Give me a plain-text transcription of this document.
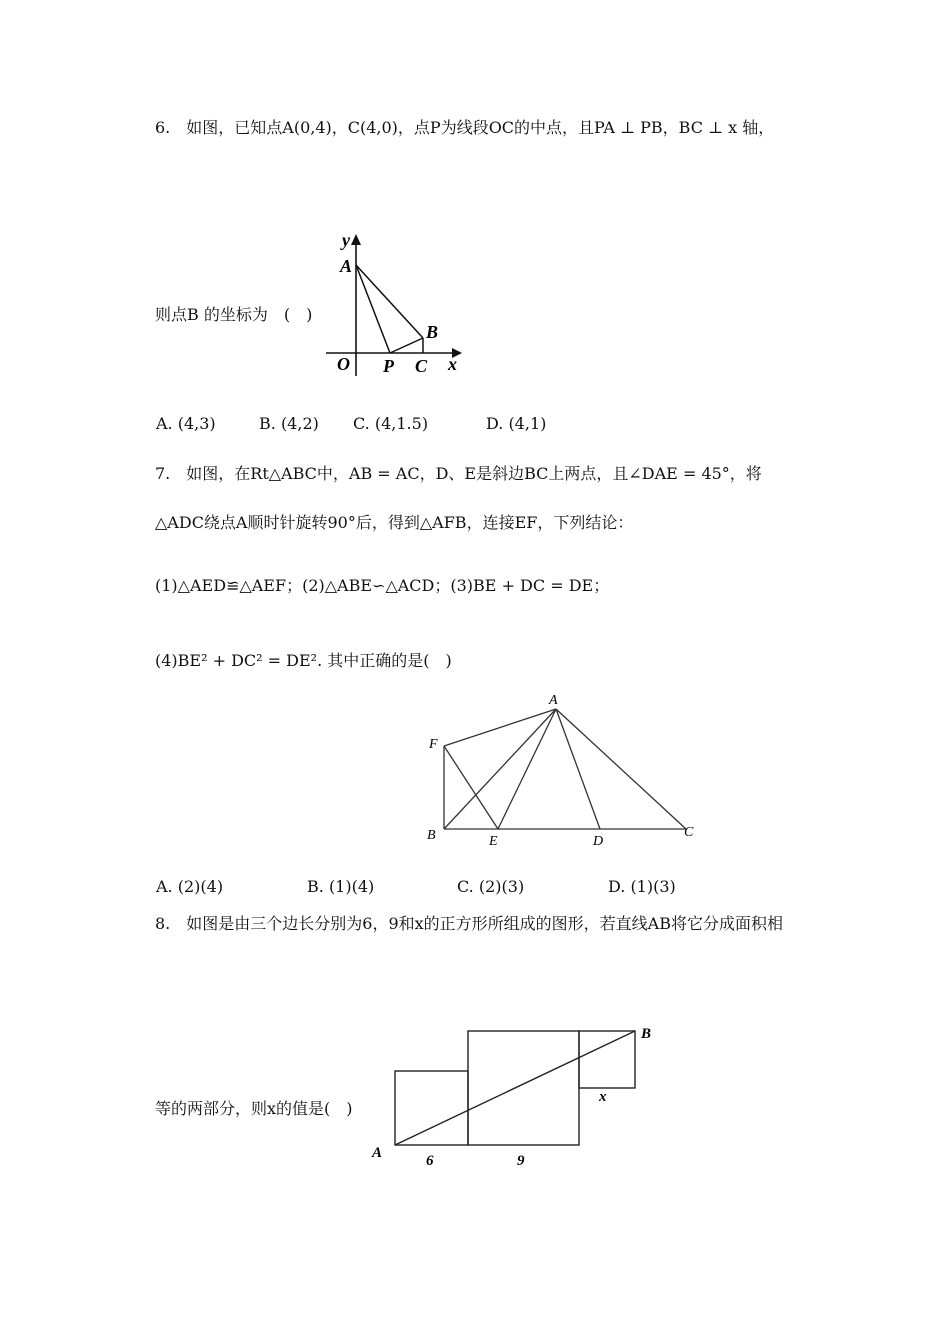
6.　如图，已知点A(0,4)，C(4,0)，点P为线段OC的中点，且PA ⊥ PB，BC ⊥ x 轴，
y
A
B
O P C x
则点B 的坐标为　(　)
A. (4,3)	B. (4,2) C. (4,1.5)	D. (4,1)
7.　如图，在Rt△ABC中，AB = AC，D、E是斜边BC上两点，且∠DAE = 45°，将
△ADC绕点A顺时针旋转90°后，得到△AFB，连接EF，下列结论：
(1)△AED≌△AEF；(2)△ABE∽△ACD；(3)BE + DC = DE；
(4)BE² + DC² = DE². 其中正确的是(　)
A
F
B	E	D
C
A. (2)(4)	B. (1)(4)	C. (2)(3)	D. (1)(3)
8.　如图是由三个边长分别为6，9和x的正方形所组成的图形，若直线AB将它分成面积相
A
B
6	9
x
等的两部分，则x的值是(　)
